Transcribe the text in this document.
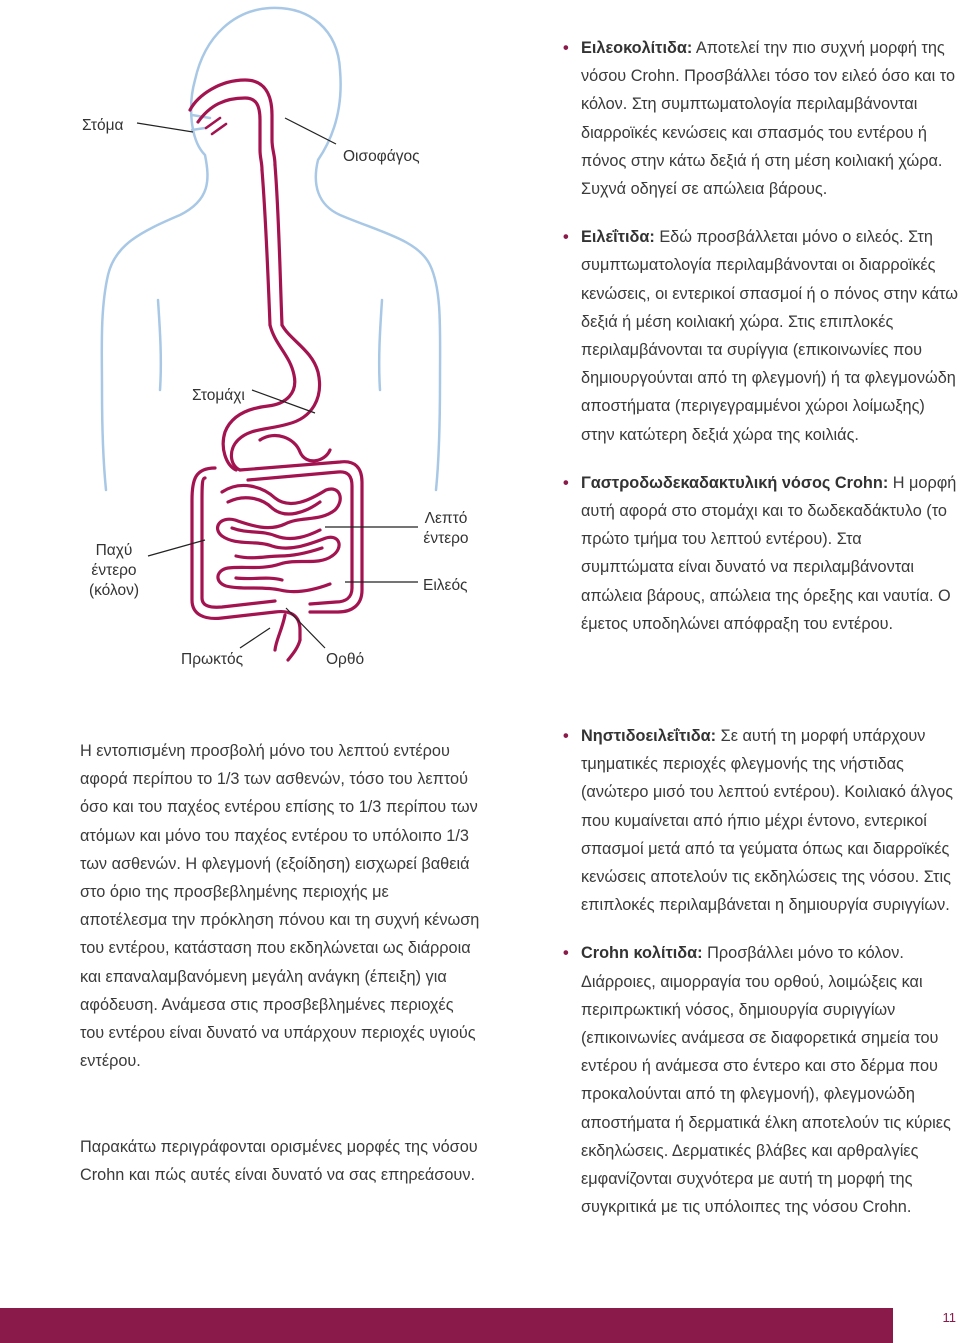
Στόμα
Οισοφάγος
Στομάχι
Λεπτό
έντερο
Ειλεός
Παχύ
έντερο
(κόλον)
Πρωκτός	Ορθό

Η εντοπισμένη προσβολή μόνο του λεπτού εντέρου αφορά περίπου το 1/3 των ασθενών, τόσο του λεπτού όσο και του παχέος εντέρου επίσης το 1/3 περίπου των ατόμων και μόνο του παχέος εντέρου το υπόλοιπο 1/3 των ασθενών. Η φλεγμονή (εξοίδηση) εισχωρεί βαθειά στο όριο της προσβεβλημένης περιοχής με αποτέλεσμα την πρόκληση πόνου και τη συχνή κένωση του εντέρου, κατάσταση που εκδηλώνεται ως διάρροια και επαναλαμβανόμενη μεγάλη ανάγκη (έπειξη) για αφόδευση. Ανάμεσα στις προσβεβλημένες περιοχές του εντέρου είναι δυνατό να υπάρχουν περιοχές υγιούς εντέρου.

Παρακάτω περιγράφονται ορισμένες μορφές της νόσου Crohn και πώς αυτές είναι δυνατό να σας επηρεάσουν.

• Ειλεοκολίτιδα: Αποτελεί την πιο συχνή μορφή της νόσου Crohn. Προσβάλλει τόσο τον ειλεό όσο και το κόλον. Στη συμπτωματολογία περιλαμβάνονται διαρροϊκές κενώσεις και σπασμός του εντέρου ή πόνος στην κάτω δεξιά ή στη μέση κοιλιακή χώρα. Συχνά οδηγεί σε απώλεια βάρους.

• Ειλεΐτιδα: Εδώ προσβάλλεται μόνο ο ειλεός. Στη συμπτωματολογία περιλαμβάνονται οι διαρροϊκές κενώσεις, οι εντερικοί σπασμοί ή ο πόνος στην κάτω δεξιά ή μέση κοιλιακή χώρα. Στις επιπλοκές περιλαμβάνονται τα συρίγγια (επικοινωνίες που δημιουργούνται από τη φλεγμονή) ή τα φλεγμονώδη αποστήματα (περιγεγραμμένοι χώροι λοίμωξης) στην κατώτερη δεξιά χώρα της κοιλιάς.

• Γαστροδωδεκαδακτυλική νόσος Crohn: Η μορφή αυτή αφορά στο στομάχι και το δωδεκαδάκτυλο (το πρώτο τμήμα του λεπτού εντέρου). Στα συμπτώματα είναι δυνατό να περιλαμβάνονται απώλεια βάρους, απώλεια της όρεξης και ναυτία. Ο έμετος υποδηλώνει απόφραξη του εντέρου.

• Νηστιδοειλεΐτιδα: Σε αυτή τη μορφή υπάρχουν τμηματικές περιοχές φλεγμονής της νήστιδας (ανώτερο μισό του λεπτού εντέρου). Κοιλιακό άλγος που κυμαίνεται από ήπιο μέχρι έντονο, εντερικοί σπασμοί μετά από τα γεύματα όπως και διαρροϊκές κενώσεις αποτελούν τις εκδηλώσεις της νόσου. Στις επιπλοκές περιλαμβάνεται η δημιουργία συριγγίων.

• Crohn κολίτιδα: Προσβάλλει μόνο το κόλον. Διάρροιες, αιμορραγία του ορθού, λοιμώξεις και περιπρωκτική νόσος, δημιουργία συριγγίων (επικοινωνίες ανάμεσα σε διαφορετικά σημεία του εντέρου ή ανάμεσα στο έντερο και στο δέρμα που προκαλούνται από τη φλεγμονή), φλεγμονώδη αποστήματα ή δερματικά έλκη αποτελούν τις κύριες εκδηλώσεις. Δερματικές βλάβες και αρθραλγίες εμφανίζονται συχνότερα με αυτή τη μορφή της συγκριτικά με τις υπόλοιπες της νόσου Crohn.

11
